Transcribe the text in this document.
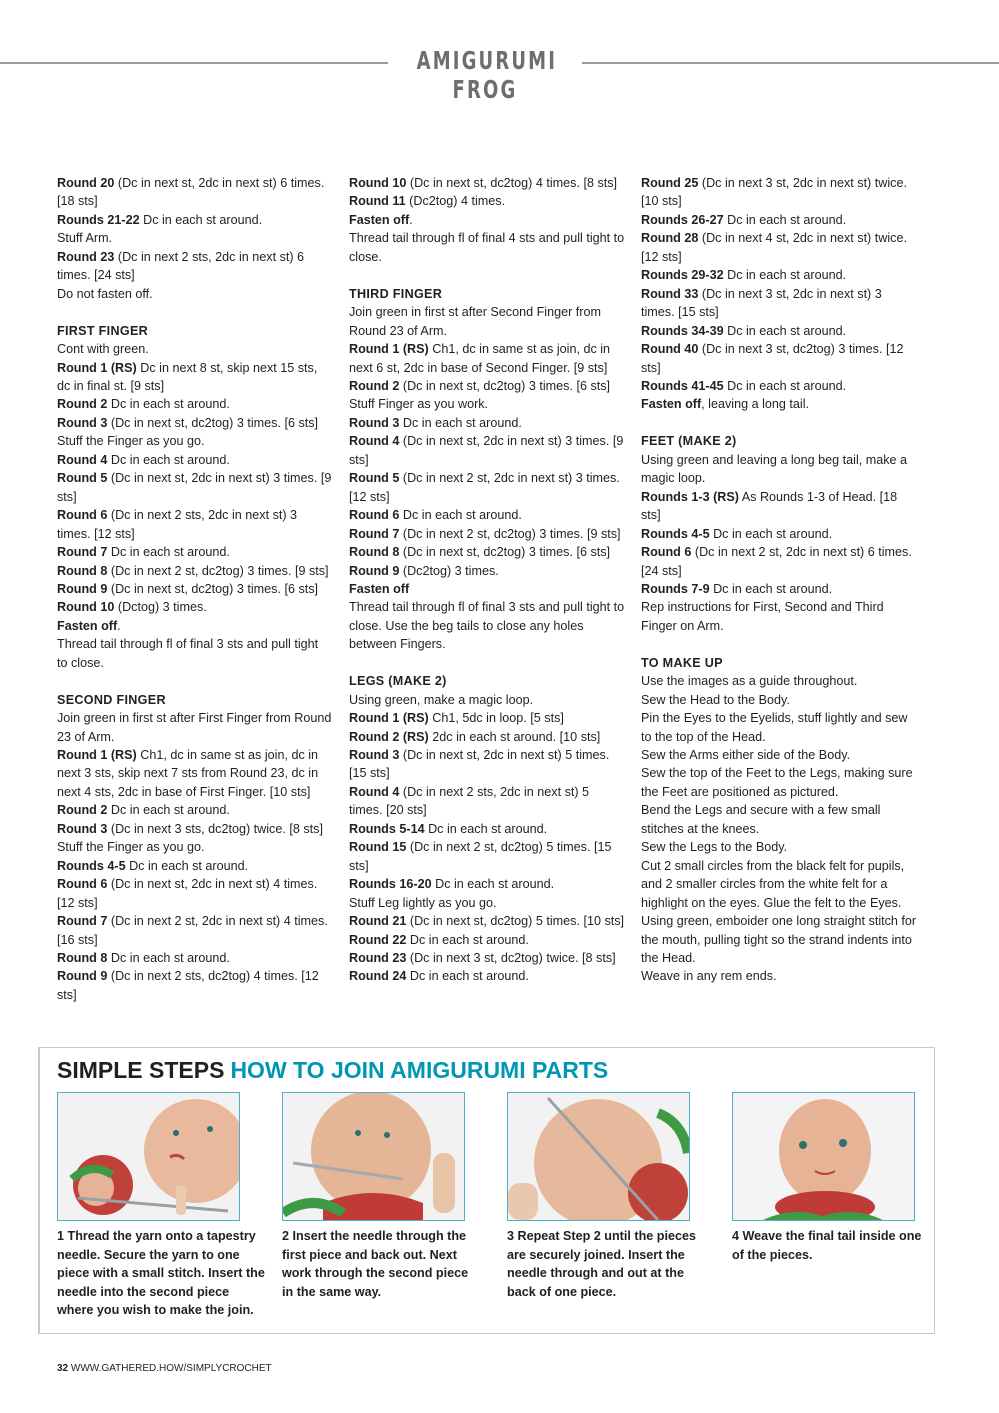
AMIGURUMI FROG

Round 20 (Dc in next st, 2dc in next st) 6 times. [18 sts]

Rounds 21-22 Dc in each st around.

Stuff Arm.

Round 23 (Dc in next 2 sts, 2dc in next st) 6 times. [24 sts]

Do not fasten off.

FIRST FINGER

Cont with green.

Round 1 (RS) Dc in next 8 st, skip next 15 sts, dc in final st. [9 sts]

Round 2 Dc in each st around.

Round 3 (Dc in next st, dc2tog) 3 times. [6 sts]

Stuff the Finger as you go.

Round 4 Dc in each st around.

Round 5 (Dc in next st, 2dc in next st) 3 times. [9 sts]

Round 6 (Dc in next 2 sts, 2dc in next st) 3 times. [12 sts]

Round 7 Dc in each st around.

Round 8 (Dc in next 2 st, dc2tog) 3 times. [9 sts]

Round 9 (Dc in next st, dc2tog) 3 times. [6 sts]

Round 10 (Dctog) 3 times.

Fasten off.

Thread tail through fl of final 3 sts and pull tight to close.

SECOND FINGER

Join green in first st after First Finger from Round 23 of Arm.

Round 1 (RS) Ch1, dc in same st as join, dc in next 3 sts, skip next 7 sts from Round 23, dc in next 4 sts, 2dc in base of First Finger. [10 sts]

Round 2 Dc in each st around.

Round 3 (Dc in next 3 sts, dc2tog) twice. [8 sts]

Stuff the Finger as you go.

Rounds 4-5 Dc in each st around.

Round 6 (Dc in next st, 2dc in next st) 4 times. [12 sts]

Round 7 (Dc in next 2 st, 2dc in next st) 4 times. [16 sts]

Round 8 Dc in each st around.

Round 9 (Dc in next 2 sts, dc2tog) 4 times. [12 sts]

Round 10 (Dc in next st, dc2tog) 4 times. [8 sts]

Round 11 (Dc2tog) 4 times.

Fasten off.

Thread tail through fl of final 4 sts and pull tight to close.

THIRD FINGER

Join green in first st after Second Finger from Round 23 of Arm.

Round 1 (RS) Ch1, dc in same st as join, dc in next 6 st, 2dc in base of Second Finger. [9 sts]

Round 2 (Dc in next st, dc2tog) 3 times. [6 sts]

Stuff Finger as you work.

Round 3 Dc in each st around.

Round 4 (Dc in next st, 2dc in next st) 3 times. [9 sts]

Round 5 (Dc in next 2 st, 2dc in next st) 3 times. [12 sts]

Round 6 Dc in each st around.

Round 7 (Dc in next 2 st, dc2tog) 3 times. [9 sts]

Round 8 (Dc in next st, dc2tog) 3 times. [6 sts]

Round 9 (Dc2tog) 3 times.

Fasten off

Thread tail through fl of final 3 sts and pull tight to close. Use the beg tails to close any holes between Fingers.

LEGS (MAKE 2)

Using green, make a magic loop.

Round 1 (RS) Ch1, 5dc in loop. [5 sts]

Round 2 (RS) 2dc in each st around. [10 sts]

Round 3 (Dc in next st, 2dc in next st) 5 times. [15 sts]

Round 4 (Dc in next 2 sts, 2dc in next st) 5 times. [20 sts]

Rounds 5-14 Dc in each st around.

Round 15 (Dc in next 2 st, dc2tog) 5 times. [15 sts]

Rounds 16-20 Dc in each st around.

Stuff Leg lightly as you go.

Round 21 (Dc in next st, dc2tog) 5 times. [10 sts]

Round 22 Dc in each st around.

Round 23 (Dc in next 3 st, dc2tog) twice. [8 sts]

Round 24 Dc in each st around.

Round 25 (Dc in next 3 st, 2dc in next st) twice. [10 sts]

Rounds 26-27 Dc in each st around.

Round 28 (Dc in next 4 st, 2dc in next st) twice. [12 sts]

Rounds 29-32 Dc in each st around.

Round 33 (Dc in next 3 st, 2dc in next st) 3 times. [15 sts]

Rounds 34-39 Dc in each st around.

Round 40 (Dc in next 3 st, dc2tog) 3 times. [12 sts]

Rounds 41-45 Dc in each st around.

Fasten off, leaving a long tail.

FEET (MAKE 2)

Using green and leaving a long beg tail, make a magic loop.

Rounds 1-3 (RS) As Rounds 1-3 of Head. [18 sts]

Rounds 4-5 Dc in each st around.

Round 6 (Dc in next 2 st, 2dc in next st) 6 times. [24 sts]

Rounds 7-9 Dc in each st around.

Rep instructions for First, Second and Third Finger on Arm.

TO MAKE UP

Use the images as a guide throughout.

Sew the Head to the Body.

Pin the Eyes to the Eyelids, stuff lightly and sew to the top of the Head.

Sew the Arms either side of the Body.

Sew the top of the Feet to the Legs, making sure the Feet are positioned as pictured.

Bend the Legs and secure with a few small stitches at the knees.

Sew the Legs to the Body.

Cut 2 small circles from the black felt for pupils, and 2 smaller circles from the white felt for a highlight on the eyes. Glue the felt to the Eyes.

Using green, emboider one long straight stitch for the mouth, pulling tight so the strand indents into the Head.

Weave in any rem ends.

SIMPLE STEPS HOW TO JOIN AMIGURUMI PARTS
1 Thread the yarn onto a tapestry needle. Secure the yarn to one piece with a small stitch. Insert the needle into the second piece where you wish to make the join.
2 Insert the needle through the first piece and back out. Next work through the second piece in the same way.
3 Repeat Step 2 until the pieces are securely joined. Insert the needle through and out at the back of one piece.
4 Weave the final tail inside one of the pieces.
32 WWW.GATHERED.HOW/SIMPLYCROCHET
